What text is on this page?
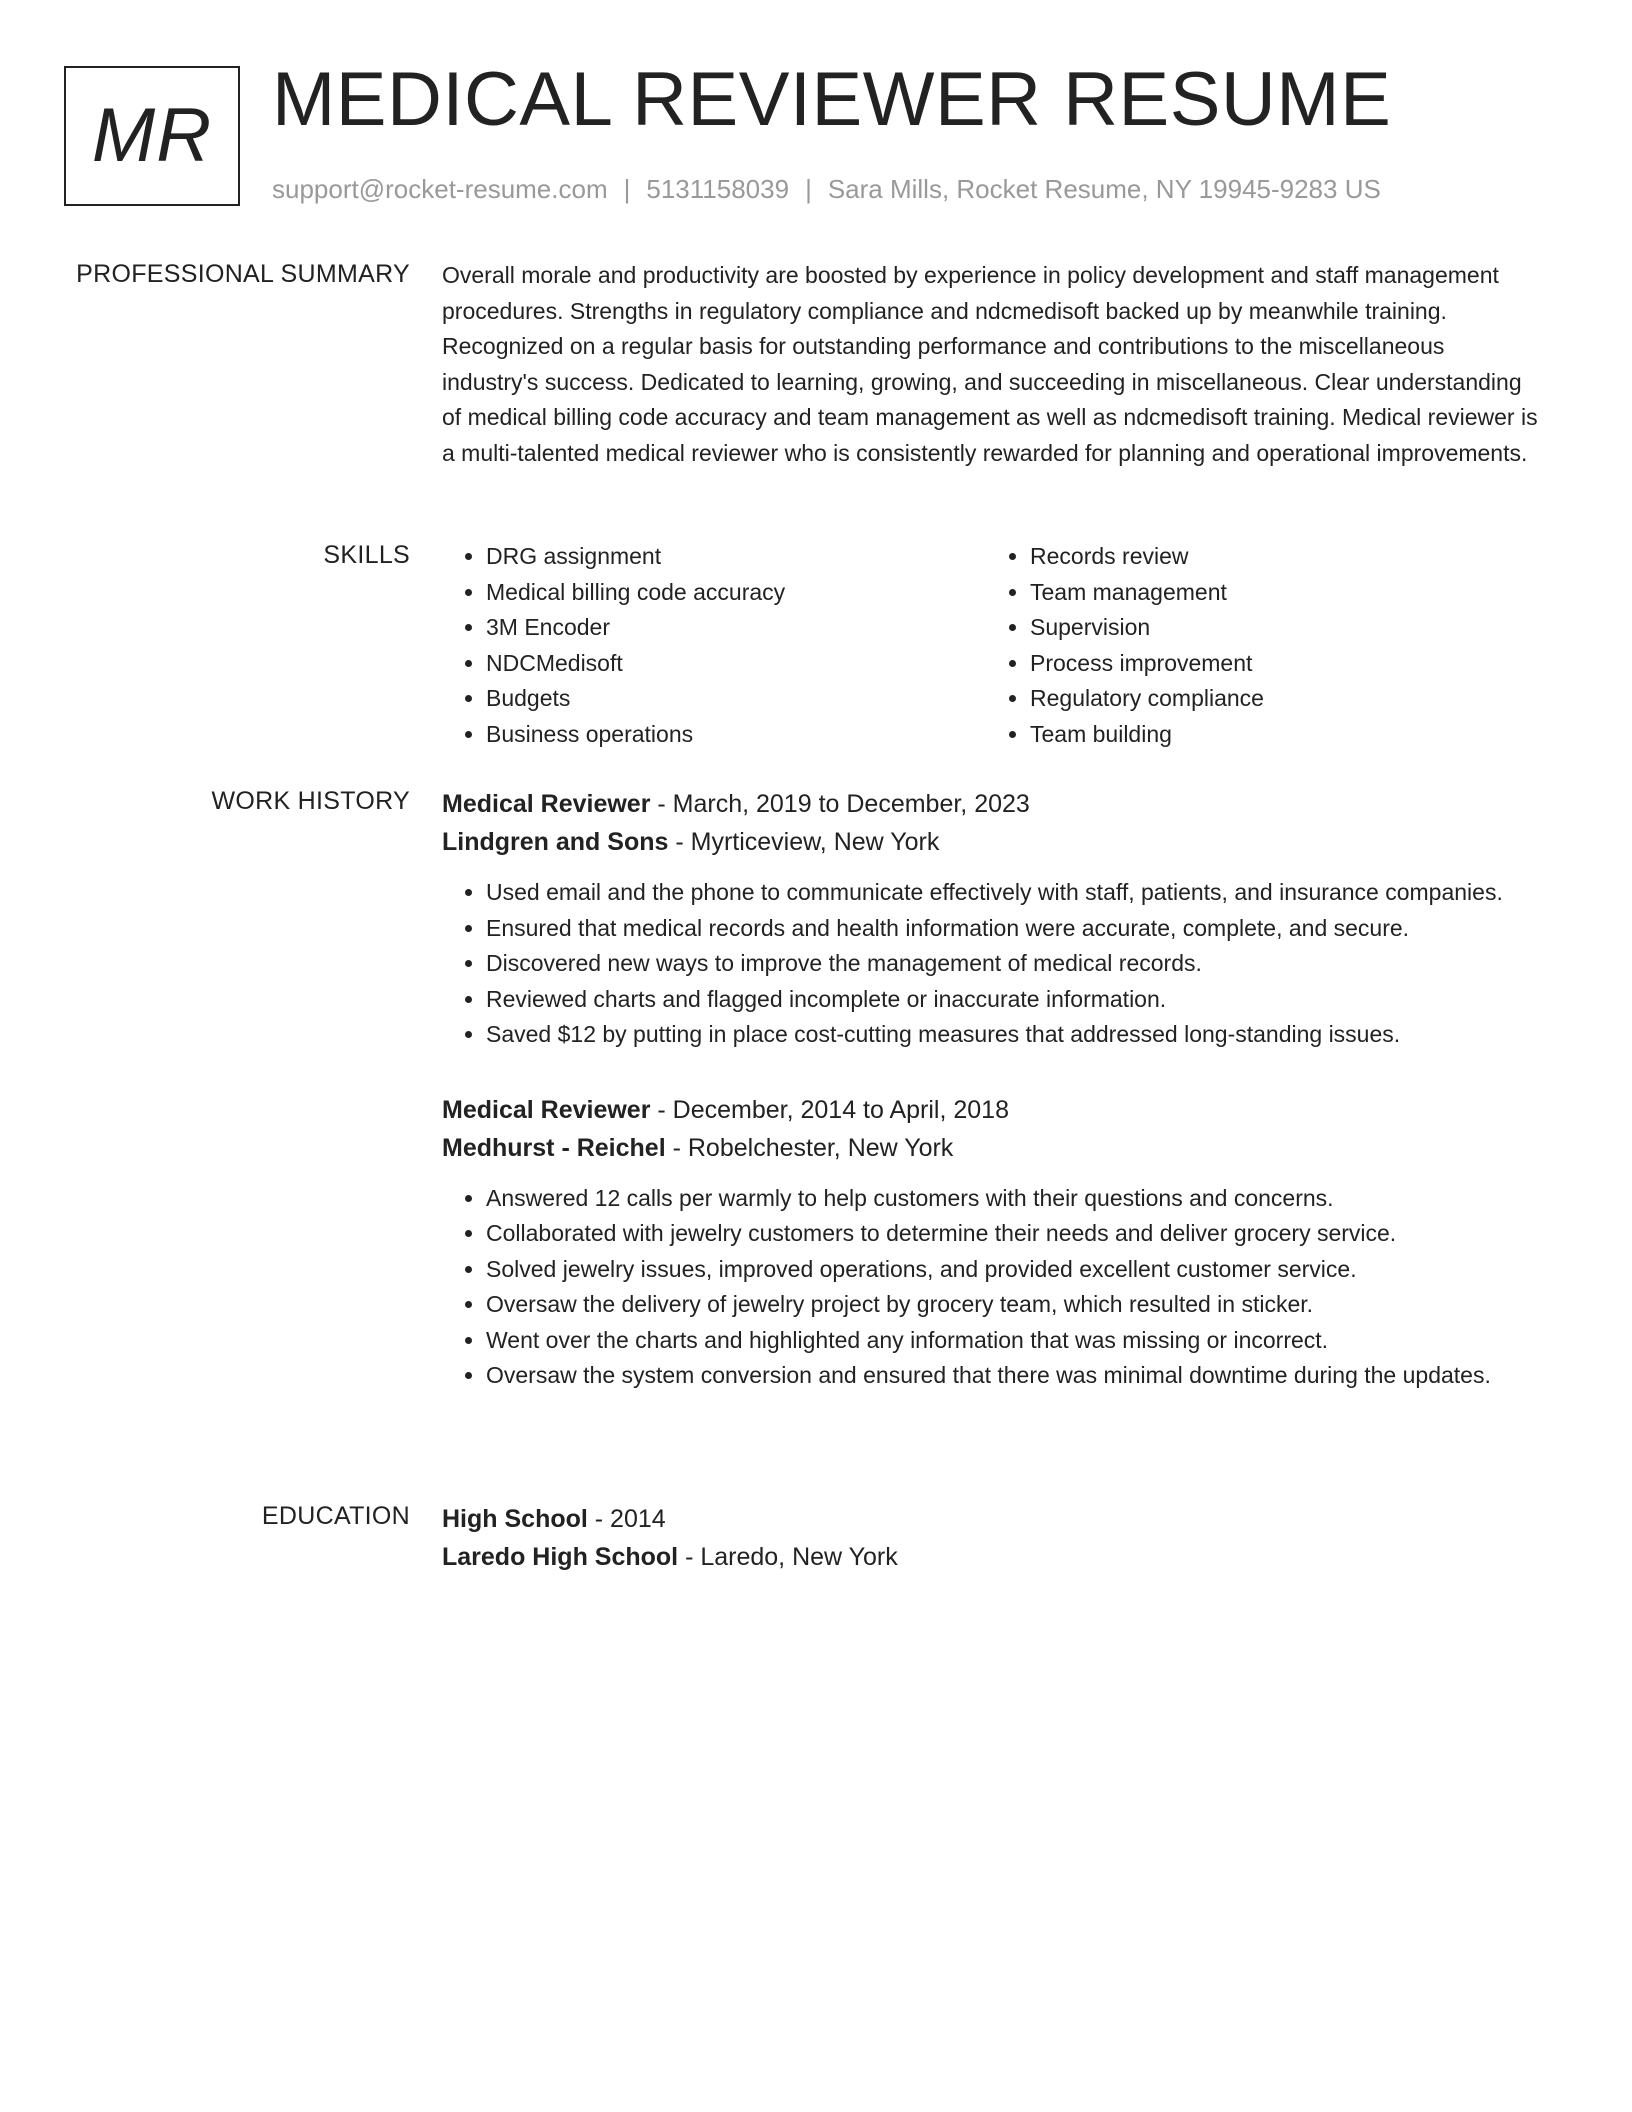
MR MEDICAL REVIEWER RESUME
support@rocket-resume.com | 5131158039 | Sara Mills, Rocket Resume, NY 19945-9283 US
PROFESSIONAL SUMMARY Overall morale and productivity are boosted by experience in policy development and staff management procedures. Strengths in regulatory compliance and ndcmedisoft backed up by meanwhile training. Recognized on a regular basis for outstanding performance and contributions to the miscellaneous industry's success. Dedicated to learning, growing, and succeeding in miscellaneous. Clear understanding of medical billing code accuracy and team management as well as ndcmedisoft training. Medical reviewer is a multi-talented medical reviewer who is consistently rewarded for planning and operational improvements.

SKILLS
•	DRG assignment
• Medical billing code accuracy
• 3M Encoder
• NDCMedisoft
• Budgets
• Business operations
• Records review
• Team management
• Supervision
• Process improvement
• Regulatory compliance
• Team building
WORK HISTORY Medical Reviewer - March, 2019 to December, 2023
Lindgren and Sons - Myrticeview, New York
• Used email and the phone to communicate effectively with staff, patients, and insurance companies.
• Ensured that medical records and health information were accurate, complete, and secure.
• Discovered new ways to improve the management of medical records.
• Reviewed charts and flagged incomplete or inaccurate information.
• Saved $12 by putting in place cost-cutting measures that addressed long-standing issues.
Medical Reviewer - December, 2014 to April, 2018
Medhurst - Reichel - Robelchester, New York
• Answered 12 calls per warmly to help customers with their questions and concerns.
• Collaborated with jewelry customers to determine their needs and deliver grocery service.
• Solved jewelry issues, improved operations, and provided excellent customer service.
• Oversaw the delivery of jewelry project by grocery team, which resulted in sticker.
• Went over the charts and highlighted any information that was missing or incorrect.
• Oversaw the system conversion and ensured that there was minimal downtime during the updates.
EDUCATION High School - 2014
Laredo High School - Laredo, New York
